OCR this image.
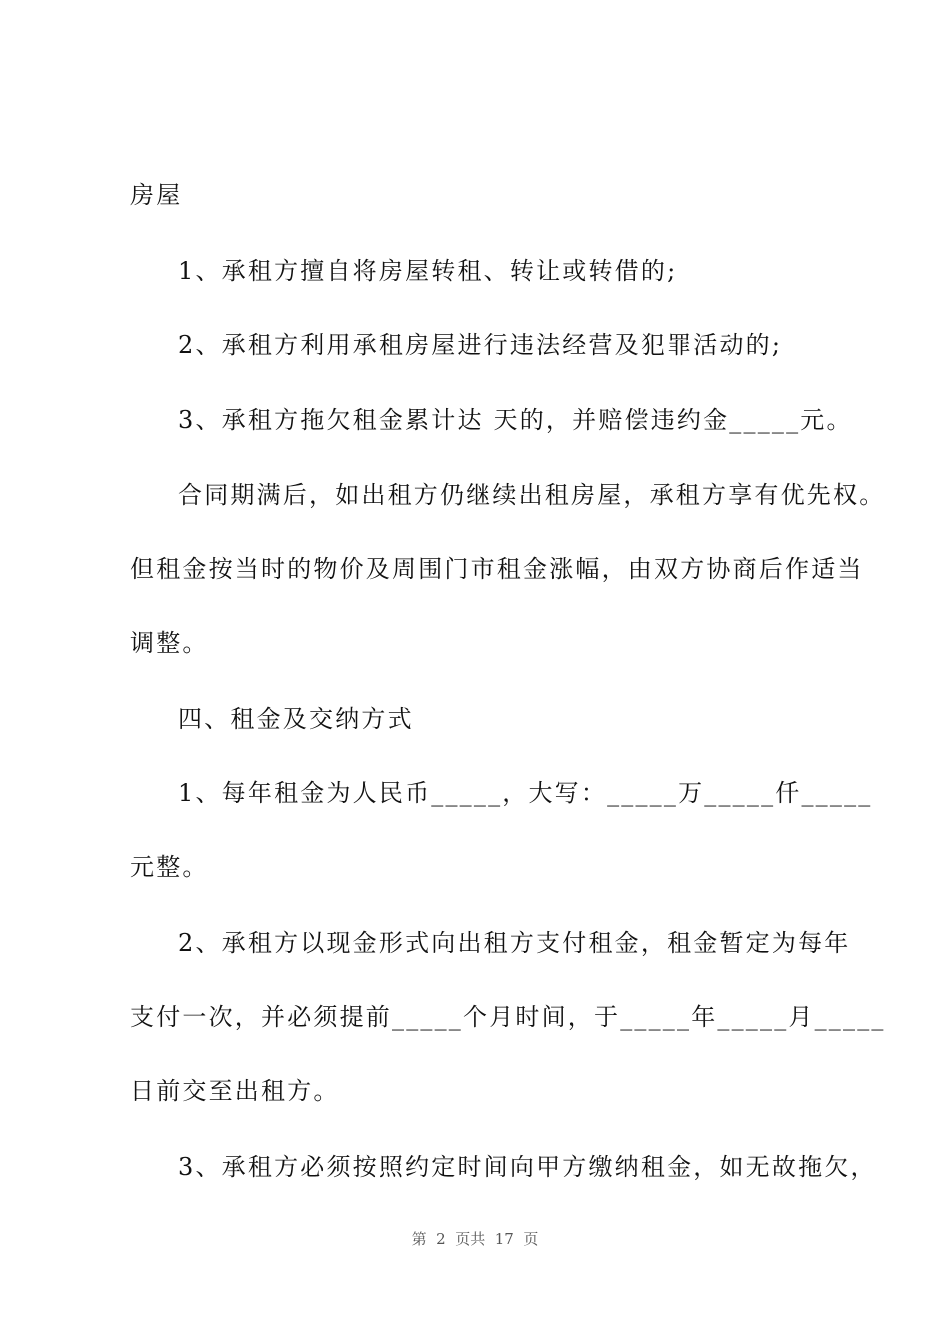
房屋
1、承租方擅自将房屋转租、转让或转借的;
2、承租方利用承租房屋进行违法经营及犯罪活动的;
3、承租方拖欠租金累计达 天的，并赔偿违约金_____元。
合同期满后，如出租方仍继续出租房屋，承租方享有优先权。
但租金按当时的物价及周围门市租金涨幅，由双方协商后作适当
调整。
四、租金及交纳方式
1、每年租金为人民币_____，大写：_____万_____仟_____
元整。
2、承租方以现金形式向出租方支付租金，租金暂定为每年
支付一次，并必须提前_____个月时间，于_____年_____月_____
日前交至出租方。
3、承租方必须按照约定时间向甲方缴纳租金，如无故拖欠，
第  2  页共  17  页
